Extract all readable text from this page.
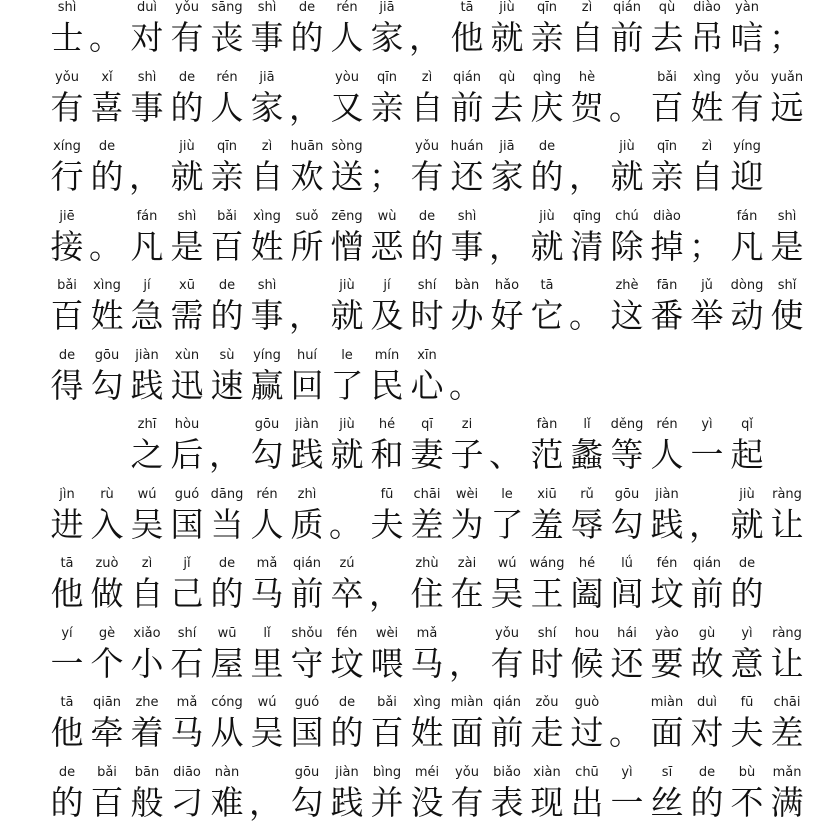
shì
士 。
duì
对
yǒu
有
sāng
丧
shì
事
de
的
rén
人
jiā
家 ，
tā
他
jiù
就
qīn
亲
zì
自
qián
前
qù
去
diào
吊
yàn
唁 ；
yǒu
有
xǐ
喜
shì
事
de
的
rén
人
jiā
家 ，
yòu
又
qīn
亲
zì
自
qián
前
qù
去
qìng
庆
hè
贺 。
bǎi
百
xìng
姓
yǒu
有
yuǎn
远
xíng
行
de
的 ，
jiù
就
qīn
亲
zì
自
huān
欢
sòng
送 ；
yǒu
有
huán
还
jiā
家
de
的 ，
jiù
就
qīn
亲
zì
自
yíng
迎
jiē
接 。
fán
凡
shì
是
bǎi
百
xìng
姓
suǒ
所
zēng
憎
wù
恶
de
的
shì
事 ，
jiù
就
qīng
清
chú
除
diào
掉 ；
fán
凡
shì
是
bǎi
百
xìng
姓
jí
急
xū
需
de
的
shì
事 ，
jiù
就
jí
及
shí
时
bàn
办
hǎo
好
tā
它 。
zhè
这
fān
番
jǔ
举
dòng
动
shǐ
使
de
得
gōu
勾
jiàn
践
xùn
迅
sù
速
yíng
赢
huí
回
le
了
mín
民
xīn
心 。
zhī
之
hòu
后 ，
gōu
勾
jiàn
践
jiù
就
hé
和
qī
妻
zi
子 、
fàn
范
lǐ
蠡
děng
等
rén
人
yì
一
qǐ
起
jìn
进
rù
入
wú
吴
guó
国
dāng
当
rén
人
zhì
质 。
fū
夫
chāi
差
wèi
为
le
了
xiū
羞
rǔ
辱
gōu
勾
jiàn
践 ，
jiù
就
ràng
让
tā
他
zuò
做
zì
自
jǐ
己
de
的
mǎ
马
qián
前
zú
卒 ，
zhù
住
zài
在
wú
吴
wáng
王
hé
阖
lǘ
闾
fén
坟
qián
前
de
的
yí
一
gè
个
xiǎo
小
shí
石
wū
屋
lǐ
里
shǒu
守
fén
坟
wèi
喂
mǎ
马 ，
yǒu
有
shí
时
hou
候
hái
还
yào
要
gù
故
yì
意
ràng
让
tā
他
qiān
牵
zhe
着
mǎ
马
cóng
从
wú
吴
guó
国
de
的
bǎi
百
xìng
姓
miàn
面
qián
前
zǒu
走
guò
过 。
miàn
面
duì
对
fū
夫
chāi
差
de
的
bǎi
百
bān
般
diāo
刁
nàn
难 ，
gōu
勾
jiàn
践
bìng
并
méi
没
yǒu
有
biǎo
表
xiàn
现
chū
出
yì
一
sī
丝
de
的
bù
不
mǎn
满
